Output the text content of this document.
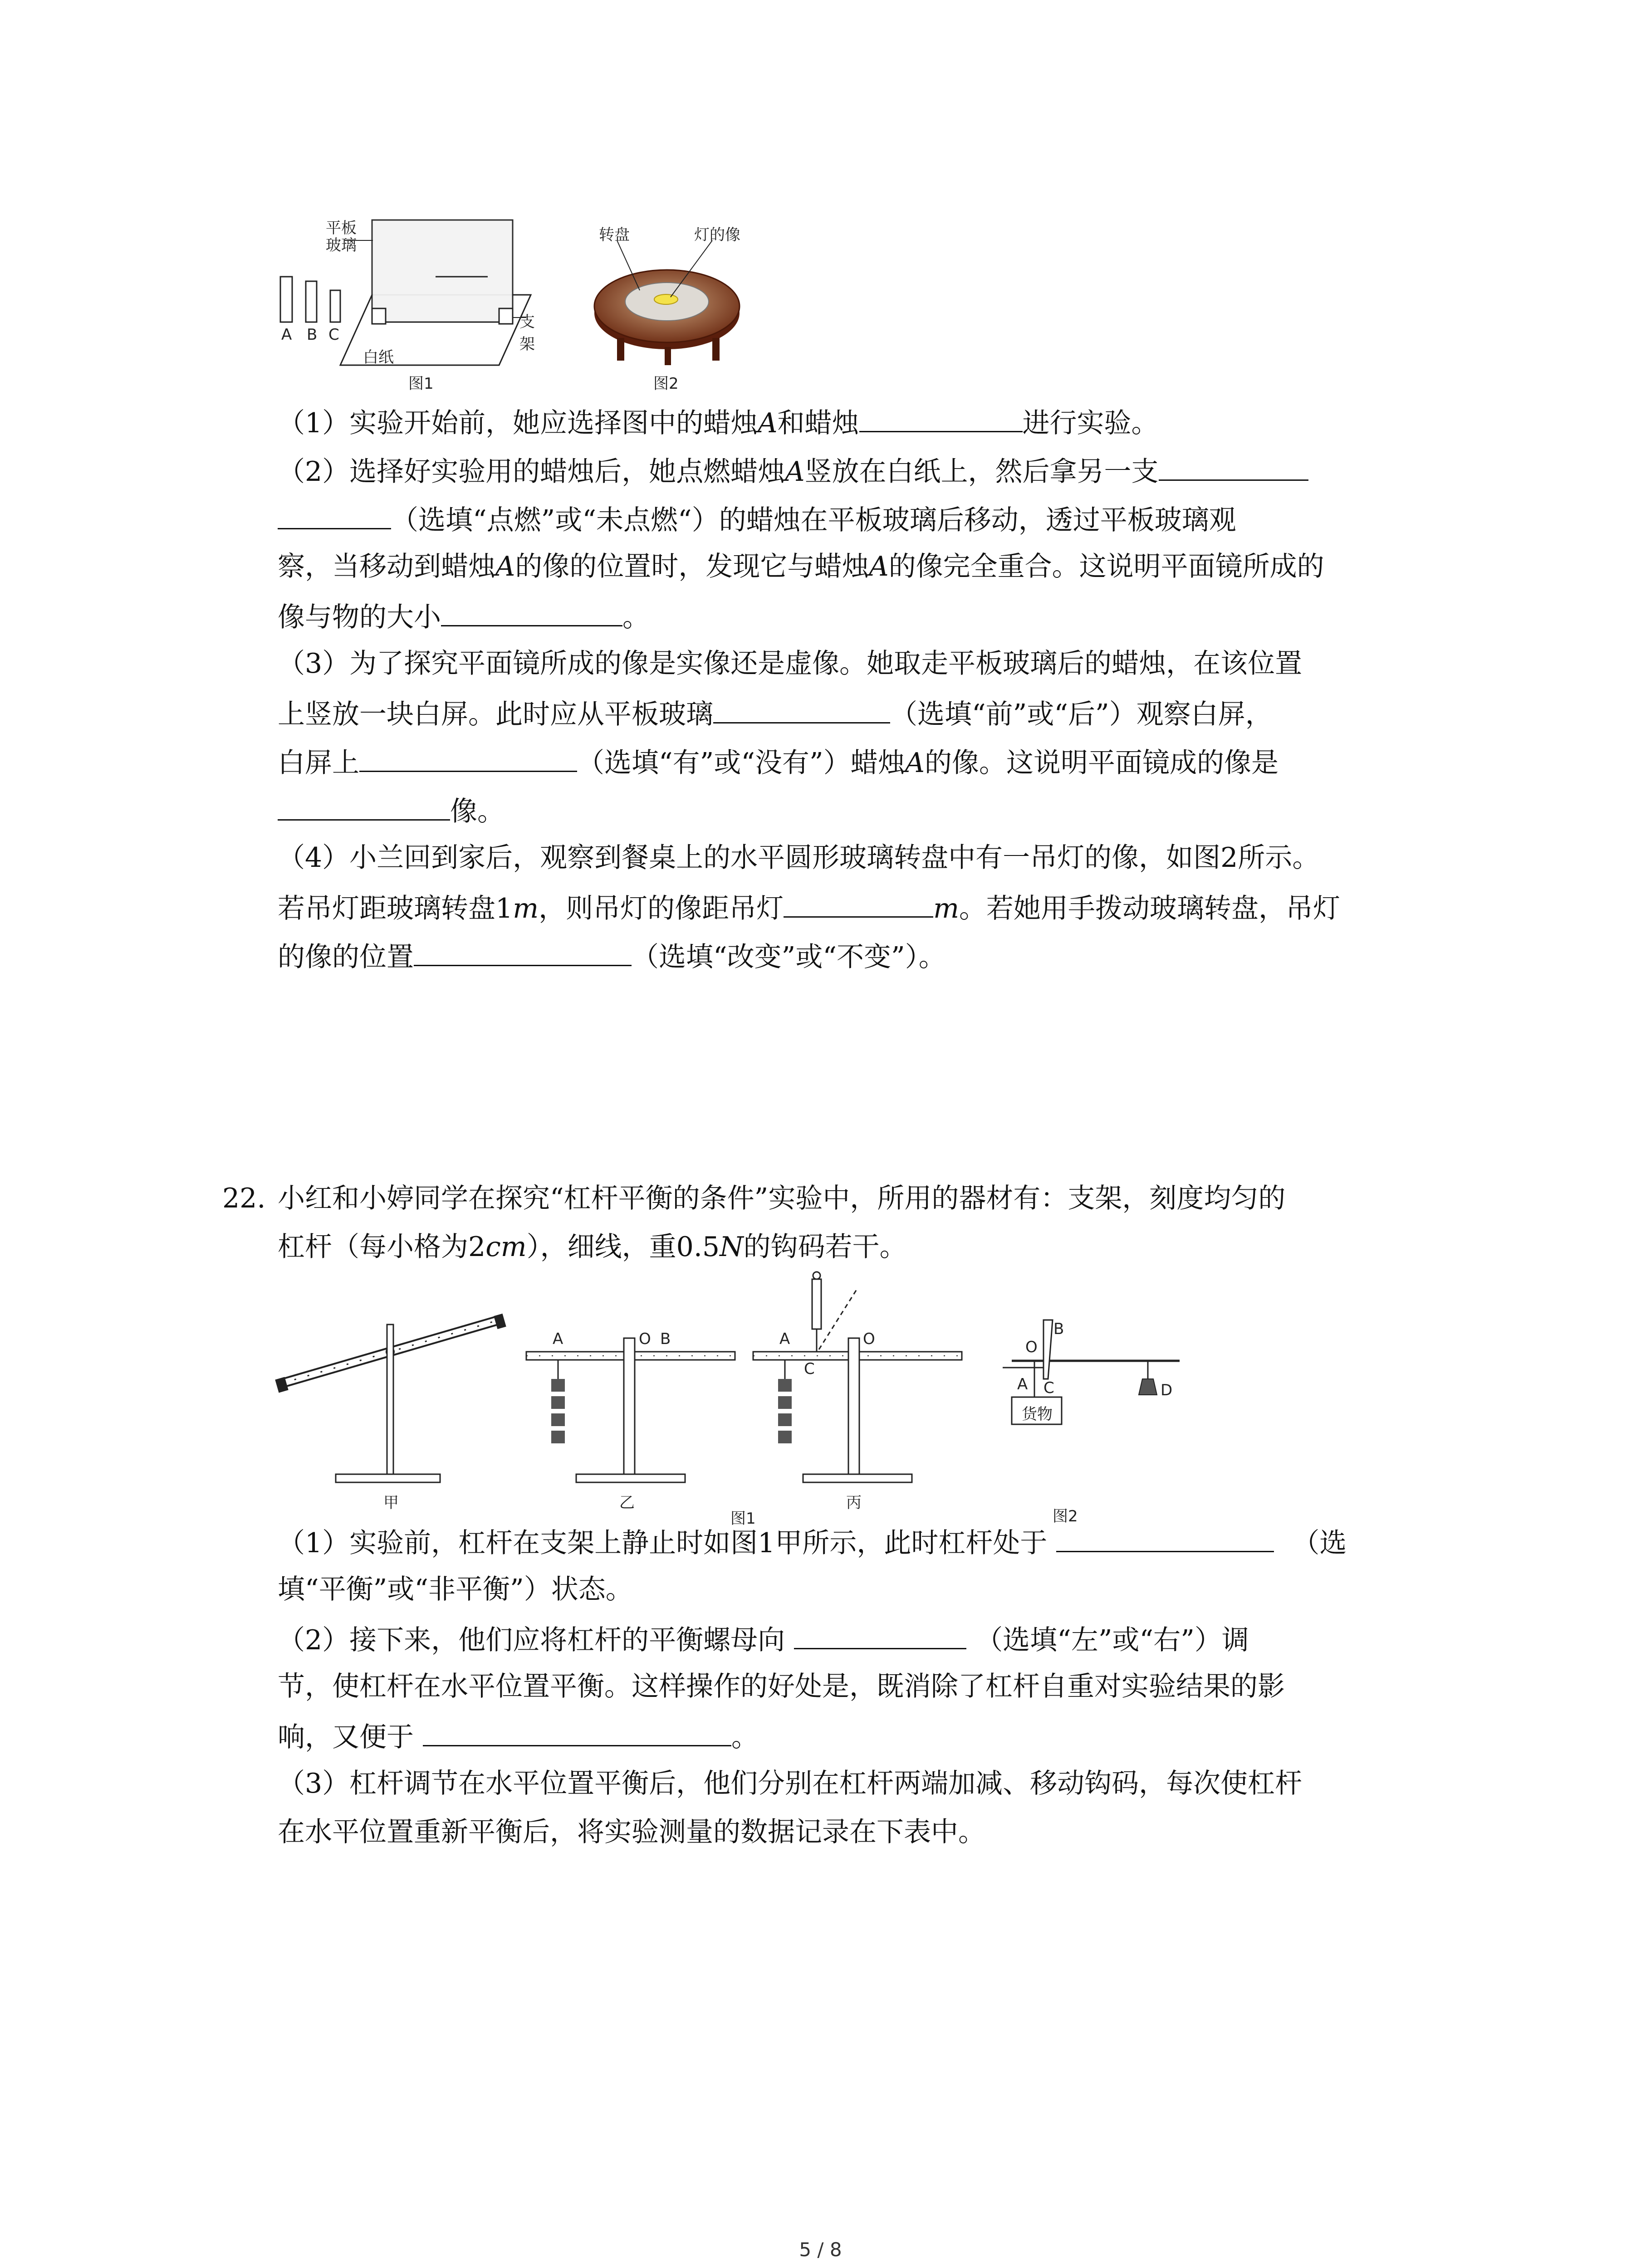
平板玻璃
A B C
白纸
支架
图1
转盘	灯的像
图2
（1）实验开始前，她应选择图中的蜡烛A和蜡烛	进行实验。
（2）选择好实验用的蜡烛后，她点燃蜡烛A竖放在白纸上，然后拿另一支
（选填“点燃”或“未点燃“）的蜡烛在平板玻璃后移动，透过平板玻璃观
察，当移动到蜡烛A的像的位置时，发现它与蜡烛A的像完全重合。这说明平面镜所成的
像与物的大小	。
（3）为了探究平面镜所成的像是实像还是虚像。她取走平板玻璃后的蜡烛，在该位置
上竖放一块白屏。此时应从平板玻璃	（选填“前”或“后”）观察白屏，
白屏上	（选填“有”或“没有”）蜡烛A的像。这说明平面镜成的像是
像。
（4）小兰回到家后，观察到餐桌上的水平圆形玻璃转盘中有一吊灯的像，如图2所示。
若吊灯距玻璃转盘1m，则吊灯的像距吊灯	m。若她用手拨动玻璃转盘，吊灯
的像的位置	（选填“改变”或“不变”）。
22. 小红和小婷同学在探究“杠杆平衡的条件”实验中，所用的器材有：支架，刻度均匀的
杠杆（每小格为2cm），细线，重0.5N的钩码若干。
甲	乙	丙
图1	图2
A	O B	A
C
O	O
B
A C	D
货物
（1）实验前，杠杆在支架上静止时如图1甲所示，此时杠杆处于	（选
填“平衡”或“非平衡”）状态。
（2）接下来，他们应将杠杆的平衡螺母向	（选填“左”或“右”）调
节，使杠杆在水平位置平衡。这样操作的好处是，既消除了杠杆自重对实验结果的影
响，又便于	。
（3）杠杆调节在水平位置平衡后，他们分别在杠杆两端加减、移动钩码，每次使杠杆
在水平位置重新平衡后，将实验测量的数据记录在下表中。
5 / 8
